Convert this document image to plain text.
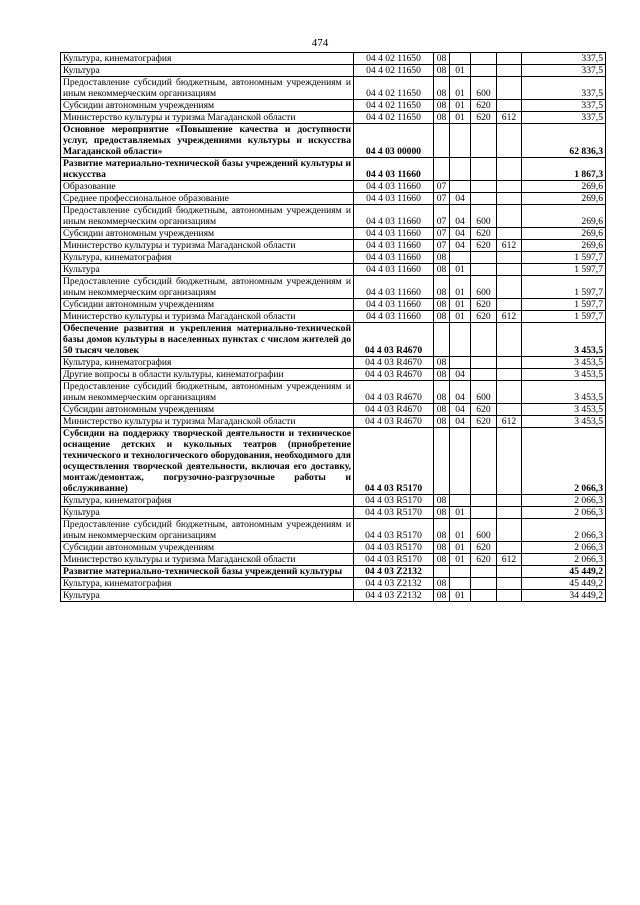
474
Культура, кинематография	04 4 02 11650	08				337,5
Культура	04 4 02 11650	08	01			337,5
Предоставление субсидий бюджетным, автономным учреждениям и иным некоммерческим организациям	04 4 02 11650	08	01	600		337,5
Субсидии автономным учреждениям	04 4 02 11650	08	01	620		337,5
Министерство культуры и туризма Магаданской области	04 4 02 11650	08	01	620	612	337,5
Основное мероприятие «Повышение качества и доступности услуг, предоставляемых учреждениями культуры и искусства Магаданской области»	04 4 03 00000					62 836,3
Развитие материально-технической базы учреждений культуры и искусства	04 4 03 11660					1 867,3
Образование	04 4 03 11660	07				269,6
Среднее профессиональное образование	04 4 03 11660	07	04			269,6
Предоставление субсидий бюджетным, автономным учреждениям и иным некоммерческим организациям	04 4 03 11660	07	04	600		269,6
Субсидии автономным учреждениям	04 4 03 11660	07	04	620		269,6
Министерство культуры и туризма Магаданской области	04 4 03 11660	07	04	620	612	269,6
Культура, кинематография	04 4 03 11660	08				1 597,7
Культура	04 4 03 11660	08	01			1 597,7
Предоставление субсидий бюджетным, автономным учреждениям и иным некоммерческим организациям	04 4 03 11660	08	01	600		1 597,7
Субсидии автономным учреждениям	04 4 03 11660	08	01	620		1 597,7
Министерство культуры и туризма Магаданской области	04 4 03 11660	08	01	620	612	1 597,7
Обеспечение развития и укрепления материально-технической базы домов культуры в населенных пунктах с числом жителей до 50 тысяч человек	04 4 03 R4670					3 453,5
Культура, кинематография	04 4 03 R4670	08				3 453,5
Другие вопросы в области культуры, кинематографии	04 4 03 R4670	08	04			3 453,5
Предоставление субсидий бюджетным, автономным учреждениям и иным некоммерческим организациям	04 4 03 R4670	08	04	600		3 453,5
Субсидии автономным учреждениям	04 4 03 R4670	08	04	620		3 453,5
Министерство культуры и туризма Магаданской области	04 4 03 R4670	08	04	620	612	3 453,5
Субсидии на поддержку творческой деятельности и техническое оснащение детских и кукольных театров (приобретение технического и технологического оборудования, необходимого для осуществления творческой деятельности, включая его доставку, монтаж/демонтаж, погрузочно-разгрузочные работы и обслуживание)	04 4 03 R5170					2 066,3
Культура, кинематография	04 4 03 R5170	08				2 066,3
Культура	04 4 03 R5170	08	01			2 066,3
Предоставление субсидий бюджетным, автономным учреждениям и иным некоммерческим организациям	04 4 03 R5170	08	01	600		2 066,3
Субсидии автономным учреждениям	04 4 03 R5170	08	01	620		2 066,3
Министерство культуры и туризма Магаданской области	04 4 03 R5170	08	01	620	612	2 066,3
Развитие материально-технической базы учреждений культуры	04 4 03 Z2132					45 449,2
Культура, кинематография	04 4 03 Z2132	08				45 449,2
Культура	04 4 03 Z2132	08	01			34 449,2
